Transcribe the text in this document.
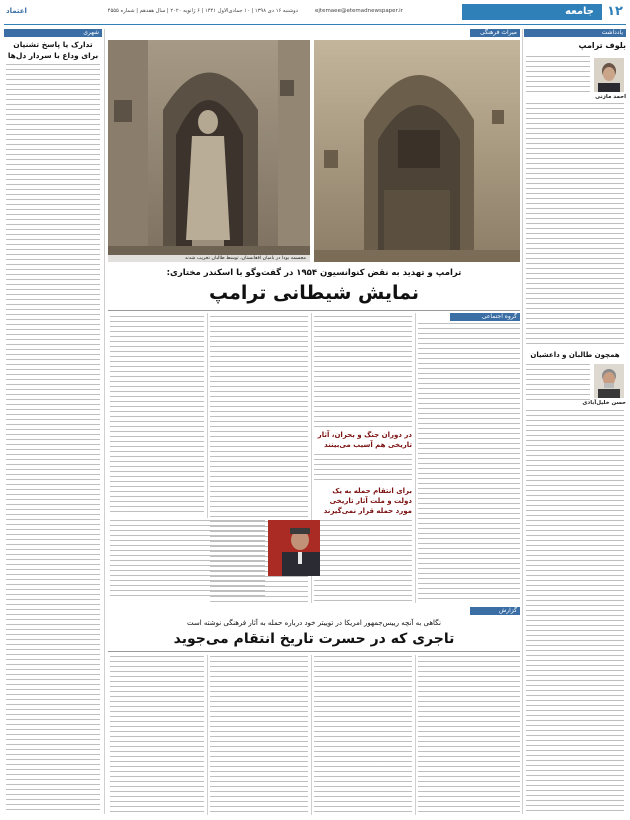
اعتماد	دوشنبه ۱۶ دی ۱۳۹۸ | ۱۰ جمادی‌الاول ۱۴۴۱ | ۶ ژانویه ۲۰۲۰ | سال هفدهم | شماره ۴۵۵۵	ejtemaee@etemadnewspaper.ir	جامعه ۱۲
شهری
تدارک یا پاسخ تشنیان
برای وداع با سردار دل‌ها
یادداشت
بلوف ترامپ
احمد مازنی
همچون طالبان و داعشیان
حسن خلیل‌آبادی
میراث فرهنگی
مجسمه بودا در بامیان افغانستان، توسط طالبان تخریب شدند
ترامپ و تهدید به نقض کنوانسیون ۱۹۵۴ در گفت‌وگو با اسکندر مختاری:
نمایش شیطانی ترامپ
گروه اجتماعی
در دوران جنگ و بحران، آثار تاریخی هم آسیب می‌بینند
برای انتقام حمله به یک دولت و ملت آثار تاریخی مورد حمله قرار نمی‌گیرند
گزارش
نگاهی به آنچه رییس‌جمهور امریکا در توییتر خود درباره حمله به آثار فرهنگی نوشته است
تاجری که در حسرت تاریخ انتقام می‌جوید
